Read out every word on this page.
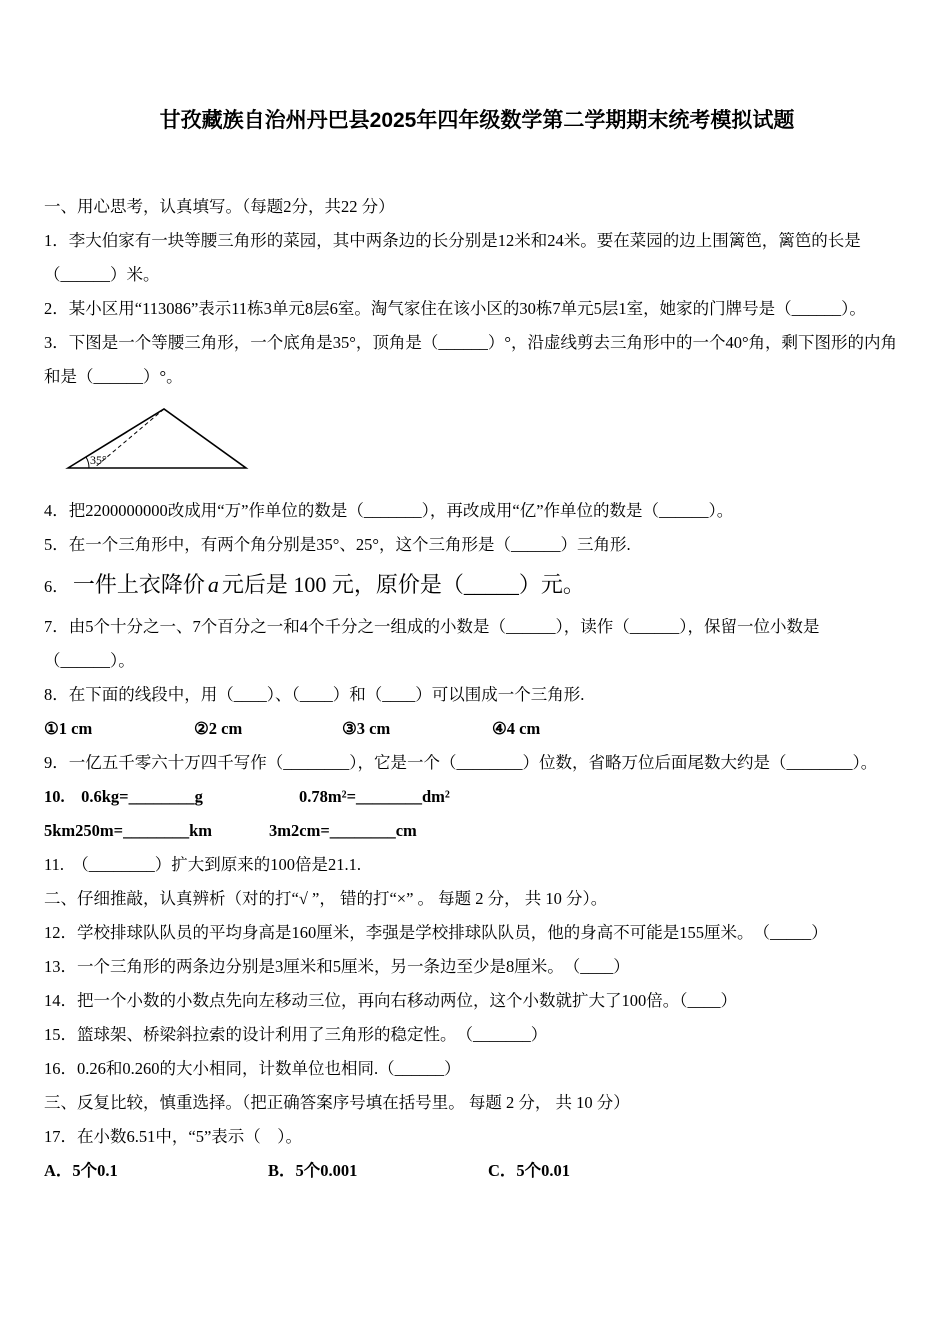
甘孜藏族自治州丹巴县2025年四年级数学第二学期期末统考模拟试题

一、用心思考，认真填写。（每题2分，共22 分）

1．李大伯家有一块等腰三角形的菜园，其中两条边的长分别是12米和24米。要在菜园的边上围篱笆，篱笆的长是（______）米。

2．某小区用“113086”表示11栋3单元8层6室。淘气家住在该小区的30栋7单元5层1室，她家的门牌号是（______）。

3．下图是一个等腰三角形，一个底角是35°，顶角是（______）°，沿虚线剪去三角形中的一个40°角，剩下图形的内角和是（______）°。

35°

4．把2200000000改成用“万”作单位的数是（_______），再改成用“亿”作单位的数是（______）。

5．在一个三角形中，有两个角分别是35°、25°，这个三角形是（______）三角形.

6． 一件上衣降价 a 元后是 100 元，原价是（_____）元。

7．由5个十分之一、7个百分之一和4个千分之一组成的小数是（______），读作（______），保留一位小数是（______）。

8．在下面的线段中，用（____）、（____）和（____）可以围成一个三角形.

①1 cm	②2 cm	③3 cm	④4 cm

9．一亿五千零六十万四千写作（________），它是一个（________）位数，省略万位后面尾数大约是（________）。

10.　0.6kg=________g	0.78m²=________dm²

5km250m=________km	3m2cm=________cm

11.　（________）扩大到原来的100倍是21.1.

二、仔细推敲，认真辨析（对的打“√ ”， 错的打“×” 。 每题 2 分， 共 10 分）。

12．学校排球队队员的平均身高是160厘米，李强是学校排球队队员，他的身高不可能是155厘米。　（_____）

13．一个三角形的两条边分别是3厘米和5厘米，另一条边至少是8厘米。　（____）

14．把一个小数的小数点先向左移动三位，再向右移动两位，这个小数就扩大了100倍。（____）

15．篮球架、桥梁斜拉索的设计利用了三角形的稳定性。　（_______）

16．0.26和0.260的大小相同，计数单位也相同.（______）

三、反复比较，慎重选择。（把正确答案序号填在括号里。 每题 2 分， 共 10 分）

17．在小数6.51中，“5”表示（　）。

A．5个0.1	B．5个0.001	C．5个0.01
